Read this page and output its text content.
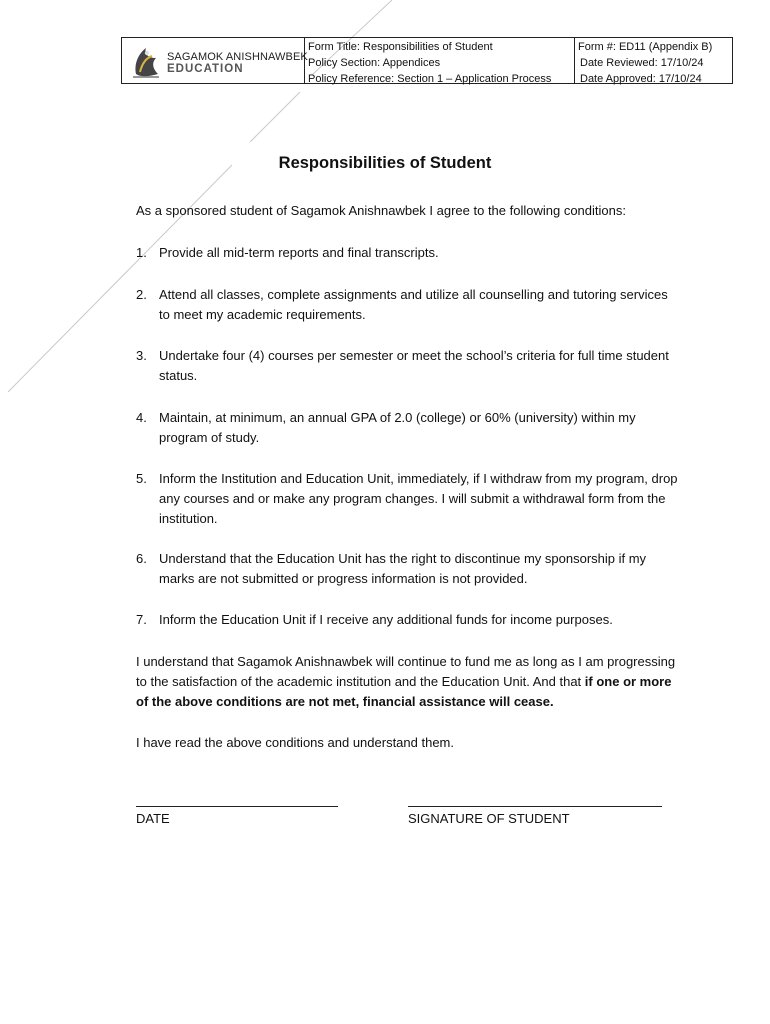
SAGAMOK ANISHNAWBEK
EDUCATION
Form Title: Responsibilities of Student
Policy Section: Appendices
Policy Reference: Section 1 – Application Process
Form #: ED11 (Appendix B)
Date Reviewed: 17/10/24
Date Approved: 17/10/24
Responsibilities of Student
As a sponsored student of Sagamok Anishnawbek I agree to the following conditions:
1. Provide all mid-term reports and final transcripts.
2. Attend all classes, complete assignments and utilize all counselling and tutoring services to meet my academic requirements.
3. Undertake four (4) courses per semester or meet the school’s criteria for full time student status.
4. Maintain, at minimum, an annual GPA of 2.0 (college) or 60% (university) within my program of study.
5. Inform the Institution and Education Unit, immediately, if I withdraw from my program, drop any courses and or make any program changes. I will submit a withdrawal form from the institution.
6. Understand that the Education Unit has the right to discontinue my sponsorship if my marks are not submitted or progress information is not provided.
7. Inform the Education Unit if I receive any additional funds for income purposes.
I understand that Sagamok Anishnawbek will continue to fund me as long as I am progressing to the satisfaction of the academic institution and the Education Unit. And that if one or more of the above conditions are not met, financial assistance will cease.
I have read the above conditions and understand them.
DATE	SIGNATURE OF STUDENT
